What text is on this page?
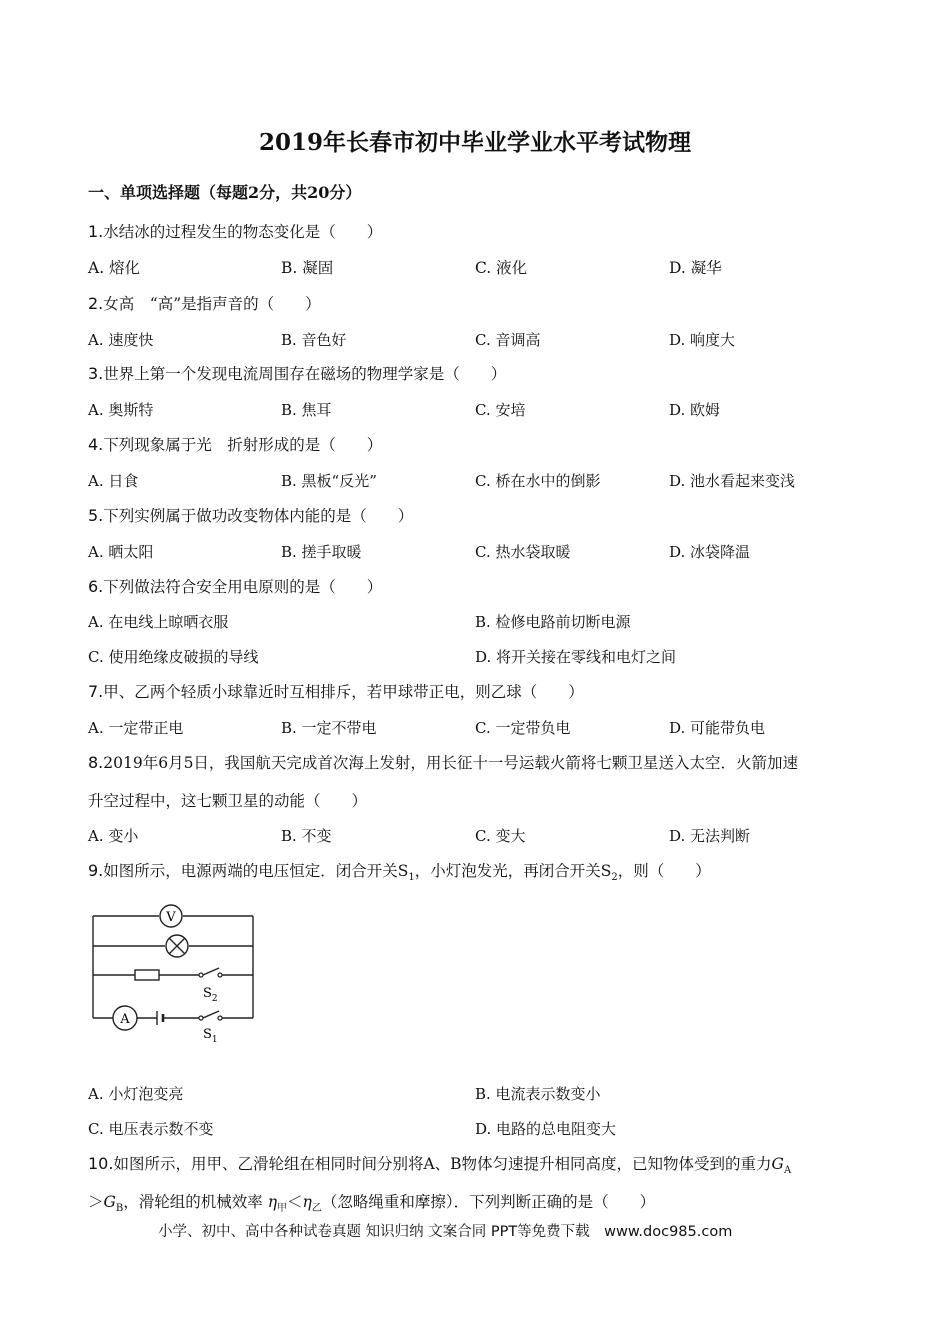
2019年长春市初中毕业学业水平考试物理
一、单项选择题（每题2分，共20分）
1.水结冰的过程发生的物态变化是（　　）
A. 熔化	B. 凝固	C. 液化	D. 凝华
2.女高　“高”是指声音的（　　）
A. 速度快	B. 音色好	C. 音调高	D. 响度大
3.世界上第一个发现电流周围存在磁场的物理学家是（　　）
A. 奥斯特	B. 焦耳	C. 安培	D. 欧姆
4.下列现象属于光　折射形成的是（　　）
A. 日食	B. 黑板“反光”	C. 桥在水中的倒影	D. 池水看起来变浅
5.下列实例属于做功改变物体内能的是（　　）
A. 晒太阳	B. 搓手取暖	C. 热水袋取暖	D. 冰袋降温
6.下列做法符合安全用电原则的是（　　）
A. 在电线上晾晒衣服	B. 检修电路前切断电源
C. 使用绝缘皮破损的导线	D. 将开关接在零线和电灯之间
7.甲、乙两个轻质小球靠近时互相排斥，若甲球带正电，则乙球（　　）
A. 一定带正电	B. 一定不带电	C. 一定带负电	D. 可能带负电
8.2019年6月5日，我国航天完成首次海上发射，用长征十一号运载火箭将七颗卫星送入太空．火箭加速
升空过程中，这七颗卫星的动能（　　）
A. 变小	B. 不变	C. 变大	D. 无法判断
9.如图所示，电源两端的电压恒定．闭合开关$S_1$，小灯泡发光，再闭合开关$S_2$，则（　　）
V
$S_2$
A
$S_1$
A. 小灯泡变亮	B. 电流表示数变小
C. 电压表示数不变	D. 电路的总电阻变大
10.如图所示，用甲、乙滑轮组在相同时间分别将A、B物体匀速提升相同高度，已知物体受到的重力$G_A$
$>G_B$，滑轮组的机械效率 $\eta_甲<\eta_乙$（忽略绳重和摩擦）．下列判断正确的是（　　）
小学、初中、高中各种试卷真题 知识归纳 文案合同 PPT等免费下载　www.doc985.com
